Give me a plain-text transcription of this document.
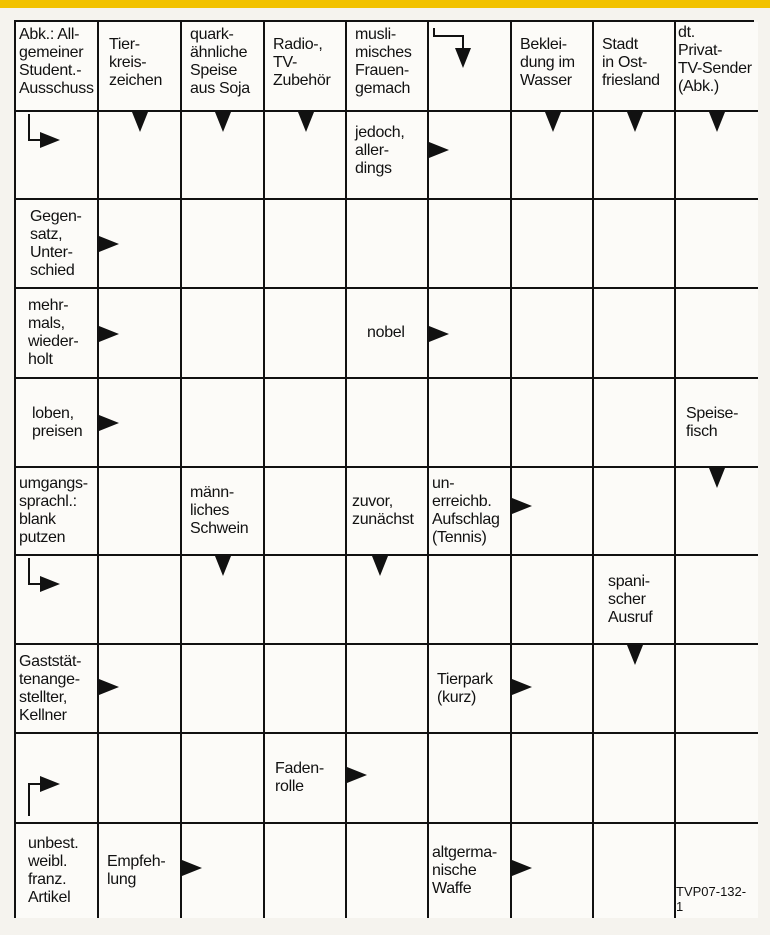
Abk.: All-
gemeiner
Student.-
Ausschuss
Tier-
kreis-
zeichen
quark-
ähnliche
Speise
aus Soja
Radio-,
TV-
Zubehör
musli-
misches
Frauen-
gemach
Beklei-
dung im
Wasser
Stadt
in Ost-
friesland
dt.
Privat-
TV-Sender
(Abk.)
jedoch,
aller-
dings
Gegen-
satz,
Unter-
schied
mehr-
mals,
wieder-
holt
nobel
loben,
preisen
Speise-
fisch
umgangs-
sprachl.:
blank
putzen
männ-
liches
Schwein
zuvor,
zunächst
un-
erreichb.
Aufschlag
(Tennis)
spani-
scher
Ausruf
Gaststät-
tenange-
stellter,
Kellner
Tierpark
(kurz)
Faden-
rolle
unbest.
weibl.
franz.
Artikel
Empfeh-
lung
altgerma-
nische
Waffe	TVP07-132-1
